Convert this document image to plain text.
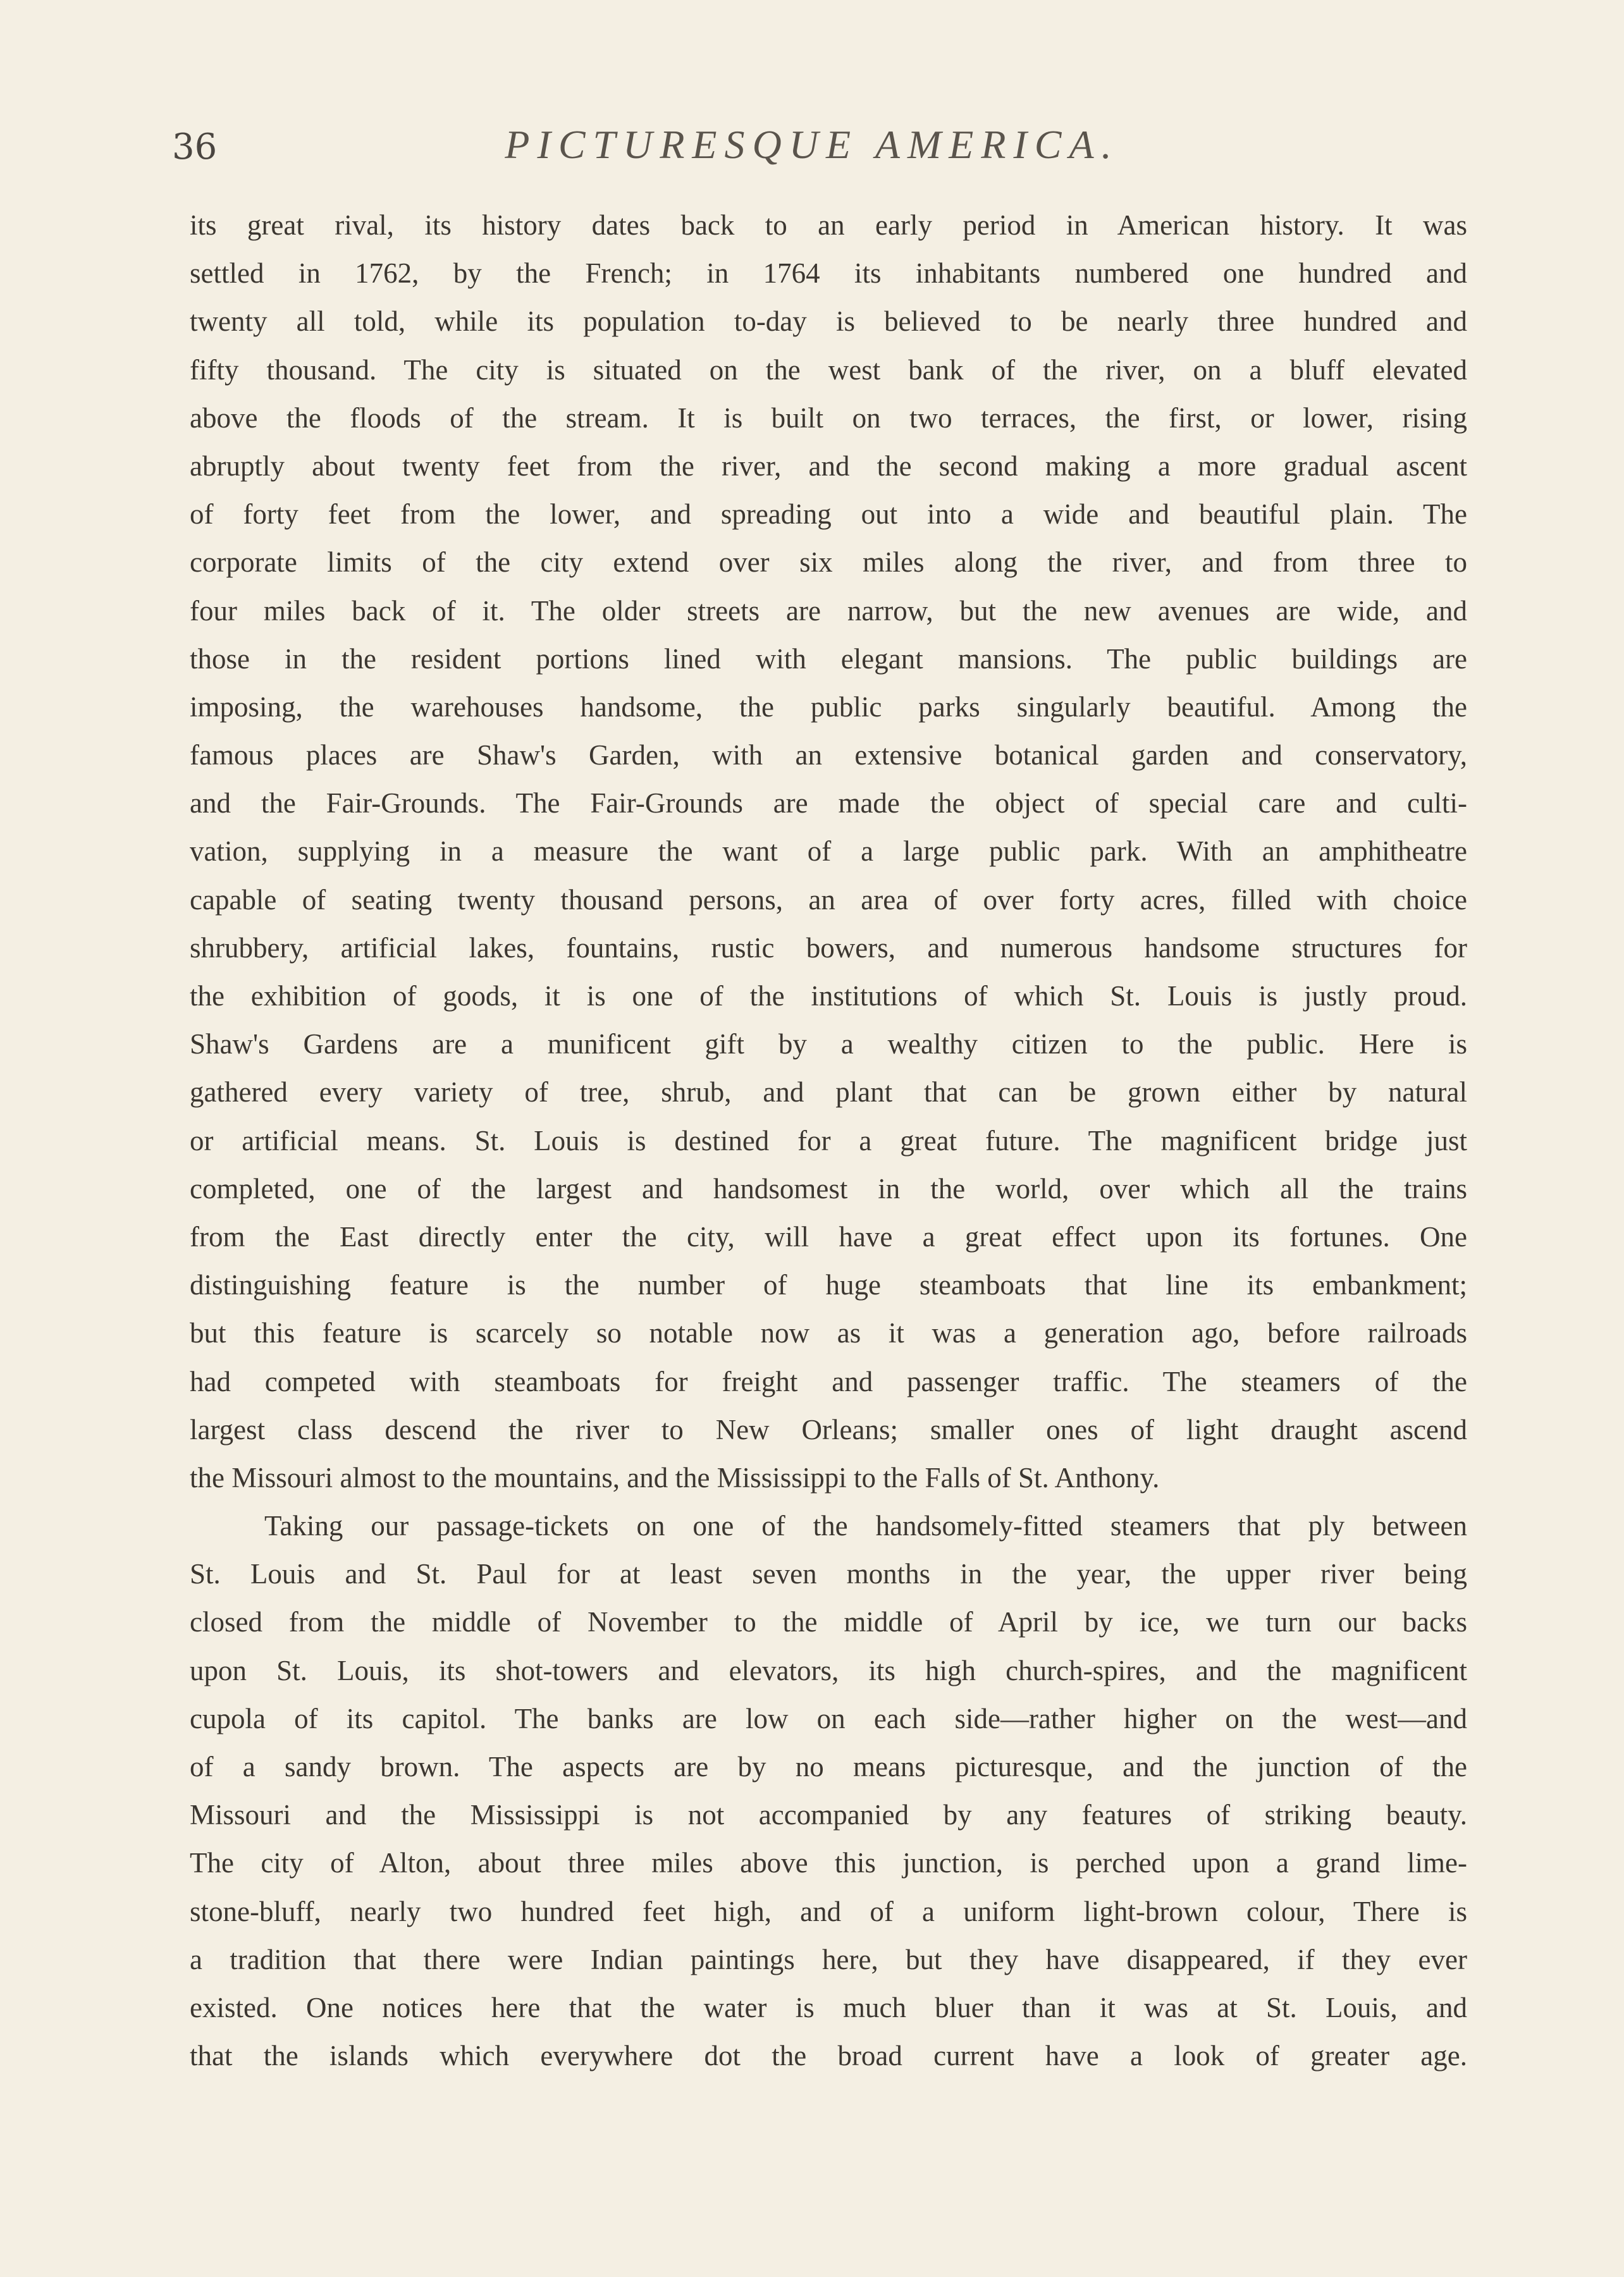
36	PICTURESQUE AMERICA.
its great rival, its history dates back to an early period in American history. It was
settled in 1762, by the French; in 1764 its inhabitants numbered one hundred and
twenty all told, while its population to-day is believed to be nearly three hundred and
fifty thousand. The city is situated on the west bank of the river, on a bluff elevated
above the floods of the stream. It is built on two terraces, the first, or lower, rising
abruptly about twenty feet from the river, and the second making a more gradual ascent
of forty feet from the lower, and spreading out into a wide and beautiful plain. The
corporate limits of the city extend over six miles along the river, and from three to
four miles back of it. The older streets are narrow, but the new avenues are wide, and
those in the resident portions lined with elegant mansions. The public buildings are
imposing, the warehouses handsome, the public parks singularly beautiful. Among the
famous places are Shaw's Garden, with an extensive botanical garden and conservatory,
and the Fair-Grounds. The Fair-Grounds are made the object of special care and culti-
vation, supplying in a measure the want of a large public park. With an amphitheatre
capable of seating twenty thousand persons, an area of over forty acres, filled with choice
shrubbery, artificial lakes, fountains, rustic bowers, and numerous handsome structures for
the exhibition of goods, it is one of the institutions of which St. Louis is justly proud.
Shaw's Gardens are a munificent gift by a wealthy citizen to the public. Here is
gathered every variety of tree, shrub, and plant that can be grown either by natural
or artificial means. St. Louis is destined for a great future. The magnificent bridge just
completed, one of the largest and handsomest in the world, over which all the trains
from the East directly enter the city, will have a great effect upon its fortunes. One
distinguishing feature is the number of huge steamboats that line its embankment;
but this feature is scarcely so notable now as it was a generation ago, before railroads
had competed with steamboats for freight and passenger traffic. The steamers of the
largest class descend the river to New Orleans; smaller ones of light draught ascend
the Missouri almost to the mountains, and the Mississippi to the Falls of St. Anthony.
Taking our passage-tickets on one of the handsomely-fitted steamers that ply between
St. Louis and St. Paul for at least seven months in the year, the upper river being
closed from the middle of November to the middle of April by ice, we turn our backs
upon St. Louis, its shot-towers and elevators, its high church-spires, and the magnificent
cupola of its capitol. The banks are low on each side—rather higher on the west—and
of a sandy brown. The aspects are by no means picturesque, and the junction of the
Missouri and the Mississippi is not accompanied by any features of striking beauty.
The city of Alton, about three miles above this junction, is perched upon a grand lime-
stone-bluff, nearly two hundred feet high, and of a uniform light-brown colour, There is
a tradition that there were Indian paintings here, but they have disappeared, if they ever
existed. One notices here that the water is much bluer than it was at St. Louis, and
that the islands which everywhere dot the broad current have a look of greater age.
